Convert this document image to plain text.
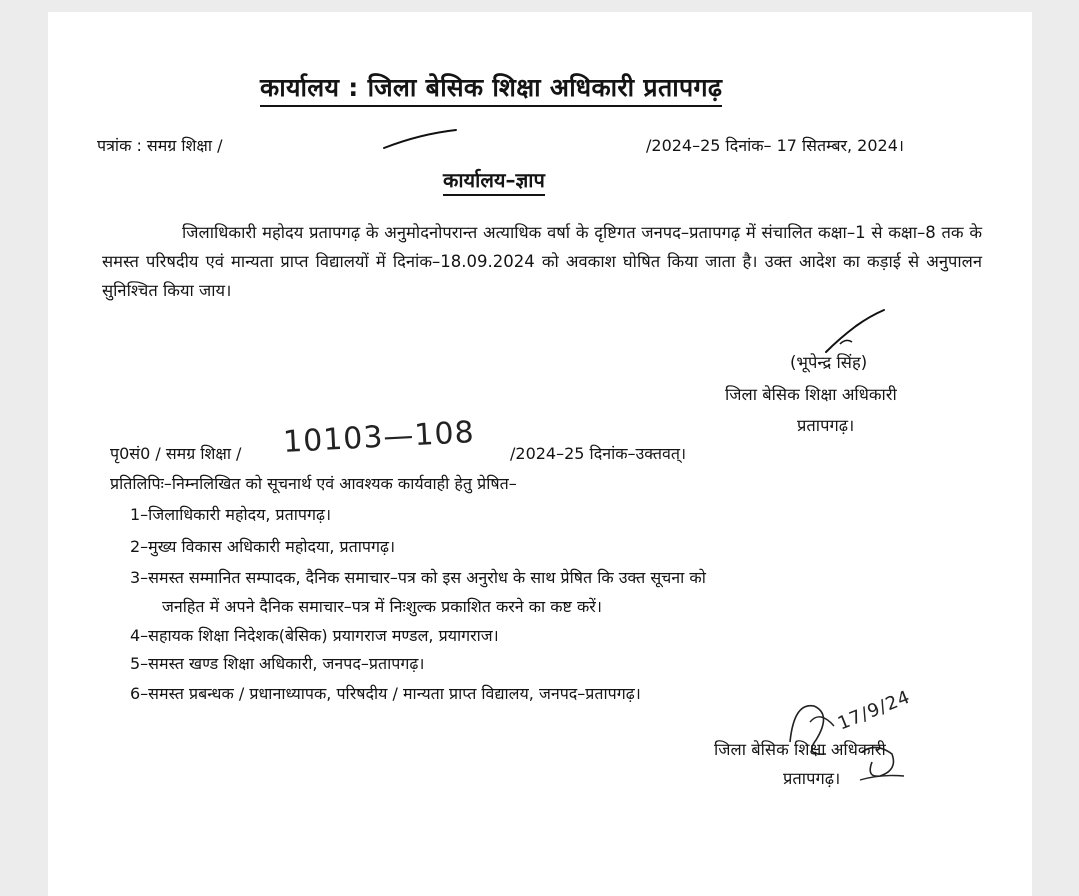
कार्यालय : जिला बेसिक शिक्षा अधिकारी प्रतापगढ़
पत्रांक : समग्र शिक्षा /	/2024–25 दिनांक– 17 सितम्बर, 2024।
कार्यालय–ज्ञाप
जिलाधिकारी महोदय प्रतापगढ़ के अनुमोदनोपरान्त अत्याधिक वर्षा के दृष्टिगत जनपद–प्रतापगढ़ में संचालित कक्षा–1 से कक्षा–8 तक के समस्त परिषदीय एवं मान्यता प्राप्त विद्यालयों में दिनांक–18.09.2024 को अवकाश घोषित किया जाता है। उक्त आदेश का कड़ाई से अनुपालन सुनिश्चित किया जाय।
(भूपेन्द्र सिंह)
जिला बेसिक शिक्षा अधिकारी
प्रतापगढ़।
पृ0सं0 / समग्र शिक्षा / 10103—108 /2024–25 दिनांक–उक्तवत्।
प्रतिलिपिः–निम्नलिखित को सूचनार्थ एवं आवश्यक कार्यवाही हेतु प्रेषित–
1–जिलाधिकारी महोदय, प्रतापगढ़।
2–मुख्य विकास अधिकारी महोदया, प्रतापगढ़।
3–समस्त सम्मानित सम्पादक, दैनिक समाचार–पत्र को इस अनुरोध के साथ प्रेषित कि उक्त सूचना को
जनहित में अपने दैनिक समाचार–पत्र में निःशुल्क प्रकाशित करने का कष्ट करें।
4–सहायक शिक्षा निदेशक(बेसिक) प्रयागराज मण्डल, प्रयागराज।
5–समस्त खण्ड शिक्षा अधिकारी, जनपद–प्रतापगढ़।
6–समस्त प्रबन्धक / प्रधानाध्यापक, परिषदीय / मान्यता प्राप्त विद्यालय, जनपद–प्रतापगढ़।	17/9/24
जिला बेसिक शिक्षा अधिकारी
प्रतापगढ़।
